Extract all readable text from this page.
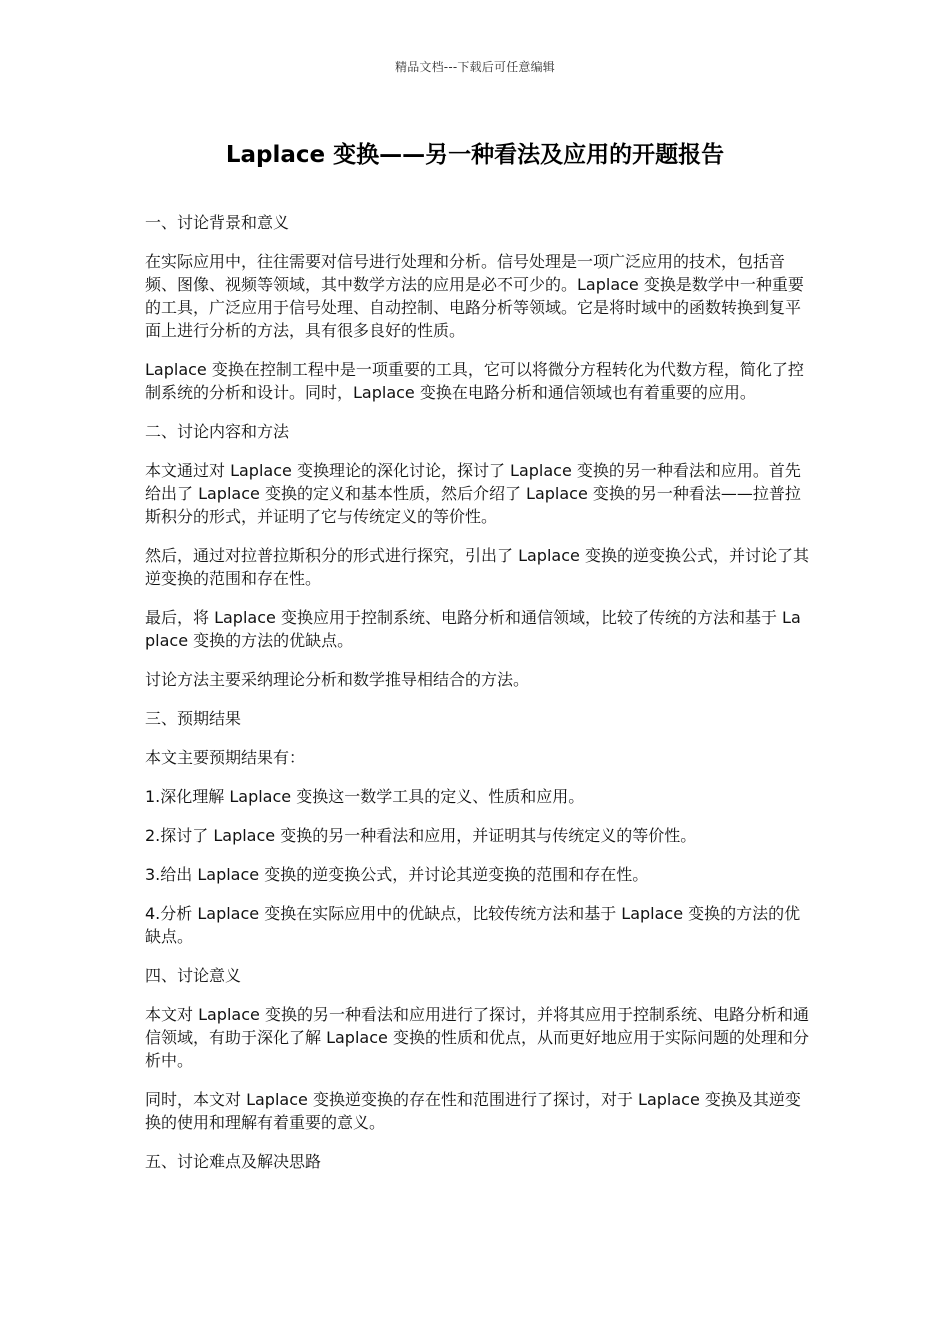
精品文档---下载后可任意编辑
Laplace 变换——另一种看法及应用的开题报告

一、讨论背景和意义

在实际应用中，往往需要对信号进行处理和分析。信号处理是一项广泛应用的技术，包括音频、图像、视频等领域，其中数学方法的应用是必不可少的。Laplace 变换是数学中一种重要的工具，广泛应用于信号处理、自动控制、电路分析等领域。它是将时域中的函数转换到复平面上进行分析的方法，具有很多良好的性质。

Laplace 变换在控制工程中是一项重要的工具，它可以将微分方程转化为代数方程，简化了控制系统的分析和设计。同时，Laplace 变换在电路分析和通信领域也有着重要的应用。

二、讨论内容和方法

本文通过对 Laplace 变换理论的深化讨论，探讨了 Laplace 变换的另一种看法和应用。首先给出了 Laplace 变换的定义和基本性质，然后介绍了 Laplace 变换的另一种看法——拉普拉斯积分的形式，并证明了它与传统定义的等价性。

然后，通过对拉普拉斯积分的形式进行探究，引出了 Laplace 变换的逆变换公式，并讨论了其逆变换的范围和存在性。

最后，将 Laplace 变换应用于控制系统、电路分析和通信领域，比较了传统的方法和基于 Laplace 变换的方法的优缺点。

讨论方法主要采纳理论分析和数学推导相结合的方法。

三、预期结果

本文主要预期结果有：

1.深化理解 Laplace 变换这一数学工具的定义、性质和应用。

2.探讨了 Laplace 变换的另一种看法和应用，并证明其与传统定义的等价性。

3.给出 Laplace 变换的逆变换公式，并讨论其逆变换的范围和存在性。

4.分析 Laplace 变换在实际应用中的优缺点，比较传统方法和基于 Laplace 变换的方法的优缺点。

四、讨论意义

本文对 Laplace 变换的另一种看法和应用进行了探讨，并将其应用于控制系统、电路分析和通信领域，有助于深化了解 Laplace 变换的性质和优点，从而更好地应用于实际问题的处理和分析中。

同时，本文对 Laplace 变换逆变换的存在性和范围进行了探讨，对于 Laplace 变换及其逆变换的使用和理解有着重要的意义。

五、讨论难点及解决思路
